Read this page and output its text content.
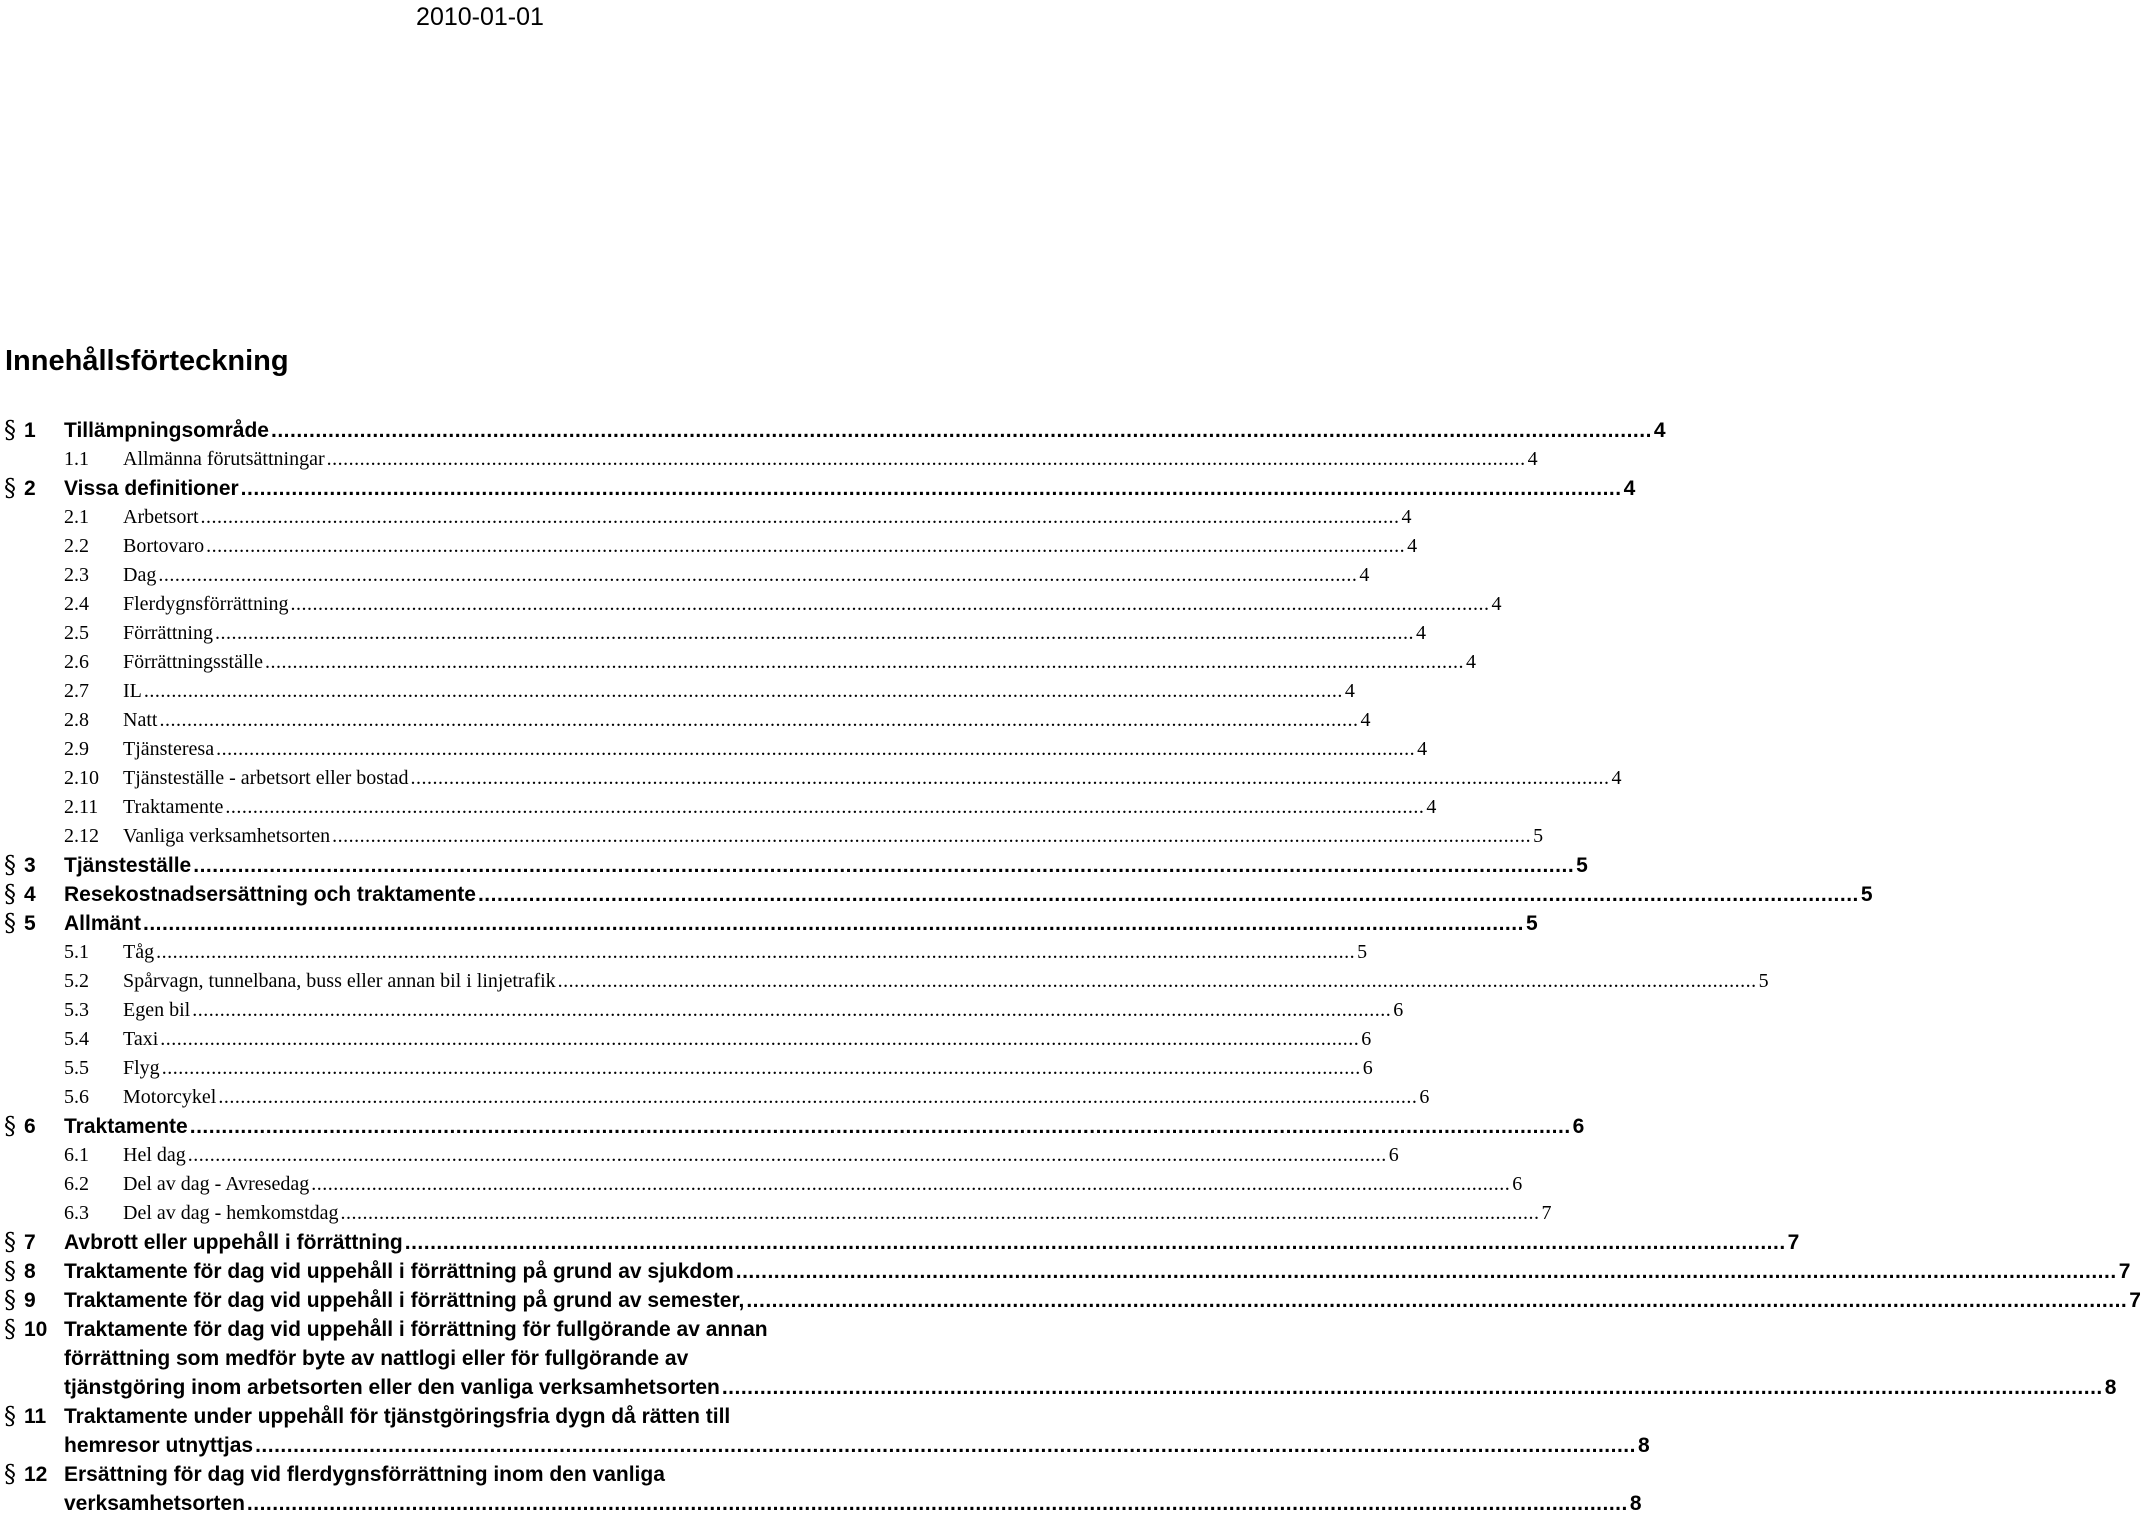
2010-01-01
Innehållsförteckning
§ 1 Tillämpningsområde .......................................................................................................................................................................................................................... 4
1.1 Allmänna förutsättningar .......................................................................................................................................................................................................................... 4
§ 2 Vissa definitioner .......................................................................................................................................................................................................................... 4
2.1 Arbetsort .......................................................................................................................................................................................................................... 4
2.2 Bortovaro .......................................................................................................................................................................................................................... 4
2.3 Dag .......................................................................................................................................................................................................................... 4
2.4 Flerdygnsförrättning .......................................................................................................................................................................................................................... 4
2.5 Förrättning .......................................................................................................................................................................................................................... 4
2.6 Förrättningsställe .......................................................................................................................................................................................................................... 4
2.7 IL .......................................................................................................................................................................................................................... 4
2.8 Natt .......................................................................................................................................................................................................................... 4
2.9 Tjänsteresa .......................................................................................................................................................................................................................... 4
2.10 Tjänsteställe - arbetsort eller bostad .......................................................................................................................................................................................................................... 4
2.11 Traktamente .......................................................................................................................................................................................................................... 4
2.12 Vanliga verksamhetsorten .......................................................................................................................................................................................................................... 5
§ 3 Tjänsteställe .......................................................................................................................................................................................................................... 5
§ 4 Resekostnadsersättning och traktamente .......................................................................................................................................................................................................................... 5
§ 5 Allmänt .......................................................................................................................................................................................................................... 5
5.1 Tåg .......................................................................................................................................................................................................................... 5
5.2 Spårvagn, tunnelbana, buss eller annan bil i linjetrafik .......................................................................................................................................................................................................................... 5
5.3 Egen bil .......................................................................................................................................................................................................................... 6
5.4 Taxi .......................................................................................................................................................................................................................... 6
5.5 Flyg .......................................................................................................................................................................................................................... 6
5.6 Motorcykel .......................................................................................................................................................................................................................... 6
§ 6 Traktamente .......................................................................................................................................................................................................................... 6
6.1 Hel dag .......................................................................................................................................................................................................................... 6
6.2 Del av dag - Avresedag .......................................................................................................................................................................................................................... 6
6.3 Del av dag - hemkomstdag .......................................................................................................................................................................................................................... 7
§ 7 Avbrott eller uppehåll i förrättning .......................................................................................................................................................................................................................... 7
§ 8 Traktamente för dag vid uppehåll i förrättning på grund av sjukdom .......................................................................................................................................................................................................................... 7
§ 9 Traktamente för dag vid uppehåll i förrättning på grund av semester, .......................................................................................................................................................................................................................... 7
§ 10 Traktamente för dag vid uppehåll i förrättning för fullgörande av annan
förrättning som medför byte av nattlogi eller för fullgörande av
tjänstgöring inom arbetsorten eller den vanliga verksamhetsorten .......................................................................................................................................................................................................................... 8
§ 11 Traktamente under uppehåll för tjänstgöringsfria dygn då rätten till
hemresor utnyttjas .......................................................................................................................................................................................................................... 8
§ 12 Ersättning för dag vid flerdygnsförrättning inom den vanliga
verksamhetsorten .......................................................................................................................................................................................................................... 8
